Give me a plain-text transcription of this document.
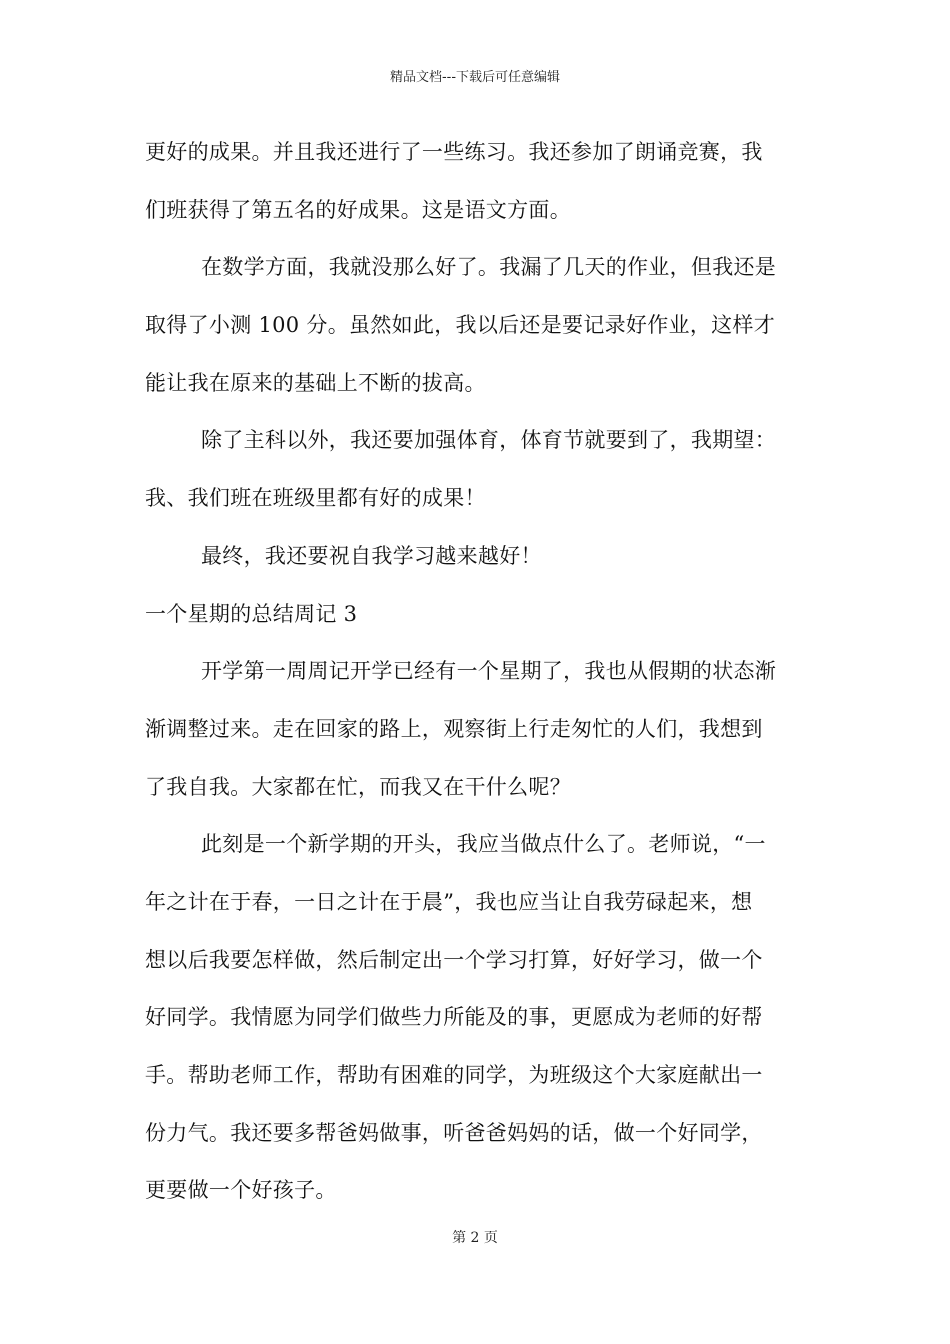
精品文档---下载后可任意编辑
更好的成果。并且我还进行了一些练习。我还参加了朗诵竞赛，我
们班获得了第五名的好成果。这是语文方面。
在数学方面，我就没那么好了。我漏了几天的作业，但我还是
取得了小测 100 分。虽然如此，我以后还是要记录好作业，这样才
能让我在原来的基础上不断的拔高。
除了主科以外，我还要加强体育，体育节就要到了，我期望：
我、我们班在班级里都有好的成果！
最终，我还要祝自我学习越来越好！
一个星期的总结周记 3
开学第一周周记开学已经有一个星期了，我也从假期的状态渐
渐调整过来。走在回家的路上，观察街上行走匆忙的人们，我想到
了我自我。大家都在忙，而我又在干什么呢？
此刻是一个新学期的开头，我应当做点什么了。老师说，“一
年之计在于春，一日之计在于晨”，我也应当让自我劳碌起来，想
想以后我要怎样做，然后制定出一个学习打算，好好学习，做一个
好同学。我情愿为同学们做些力所能及的事，更愿成为老师的好帮
手。帮助老师工作，帮助有困难的同学，为班级这个大家庭献出一
份力气。我还要多帮爸妈做事，听爸爸妈妈的话，做一个好同学，
更要做一个好孩子。
第 2 页
